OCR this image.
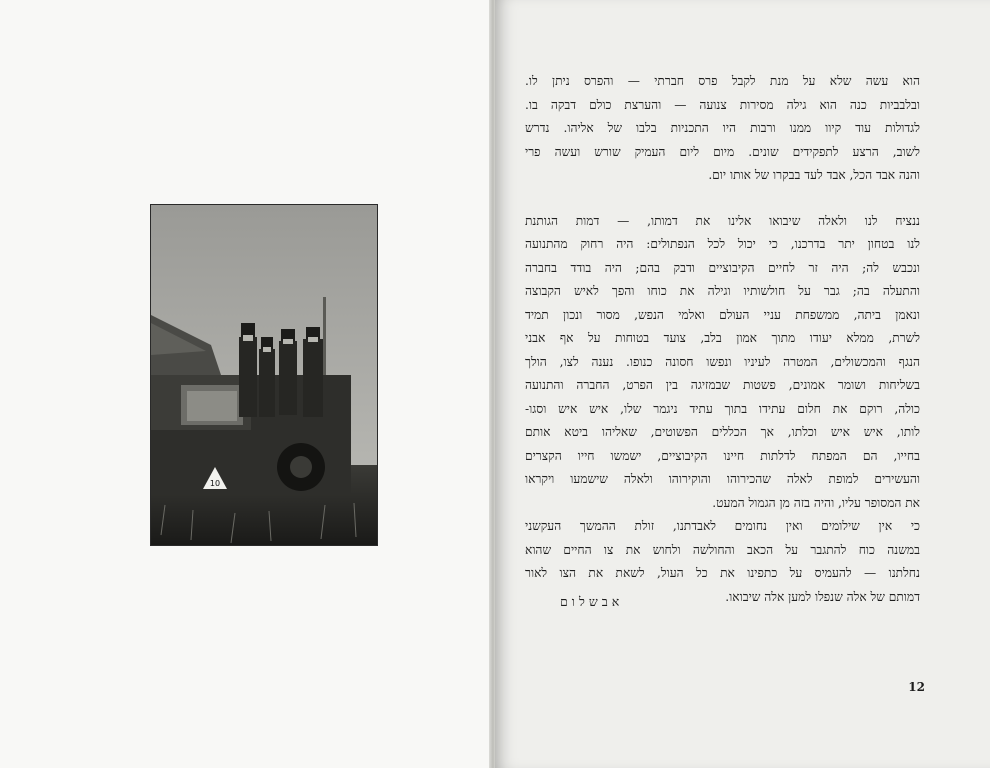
10

הוא עשה שלא על מנת לקבל פרס חברתי — והפרס ניתן לו.
ובלבביות כנה הוא גילה מסירות צנועה — והערצת כולם דבקה בו.
לגדולות עוד קיוו ממנו ורבות היו התכניות בלבו של אליהו. נדרש
לשוב, הרצע לתפקידים שונים. מיום ליום העמיק שורש ועשה פרי
והנה אבד הכל, אבד לעד בבקרו של אותו יום.

ננציח לנו ולאלה שיבואו אלינו את דמותו, — דמות הגותנת
לנו בטחון יתר בדרכנו, כי יכול לכל הנפתולים: היה רחוק מהתנועה
ונכבש לה; היה זר לחיים הקיבוציים ודבק בהם; היה בודד בחברה
והתעלה בה; גבר על חולשותיו וגילה את כוחו והפך לאיש הקבוצה
ונאמן ביתה, ממשפחת עניי העולם ואלמי הנפש, מסור ונכון תמיד
לשרת, ממלא יעודו מתוך אמון בלב, צועד בטוחות על אף אבני
הנגף והמכשולים, המטרה לעיניו ונפשו חסונה כנופו. נענה לצו, הולך
בשליחות ושומר אמונים, פשטות שבמזיגה בין הפרט, החברה והתנועה
כולה, רוקם את חלום עתידו בתוך עתיד ניגמר שלו, איש איש וסגו-
לותו, איש איש וכלתו, אך הכללים הפשוטים, שאליהו ביטא אותם
בחייו, הם המפתח לדלתות חיינו הקיבוציים, ישמשו חייו הקצרים
והעשירים למופת לאלה שהכירוהו והוקירוהו ולאלה שישמעו ויקראו
את המסופר עליו, והיה בזה מן הגמול המעט.

כי אין שילומים ואין נחומים לאבדתנו, זולת ההמשך העקשני
במשנה כוח להתגבר על הכאב והחולשה ולחוש את צו החיים שהוא
נחלתנו — להעמיס על כתפינו את כל העול, לשאת את הצו לאור
דמותם של אלה שנפלו למען אלה שיבואו.

אבשלום
12
